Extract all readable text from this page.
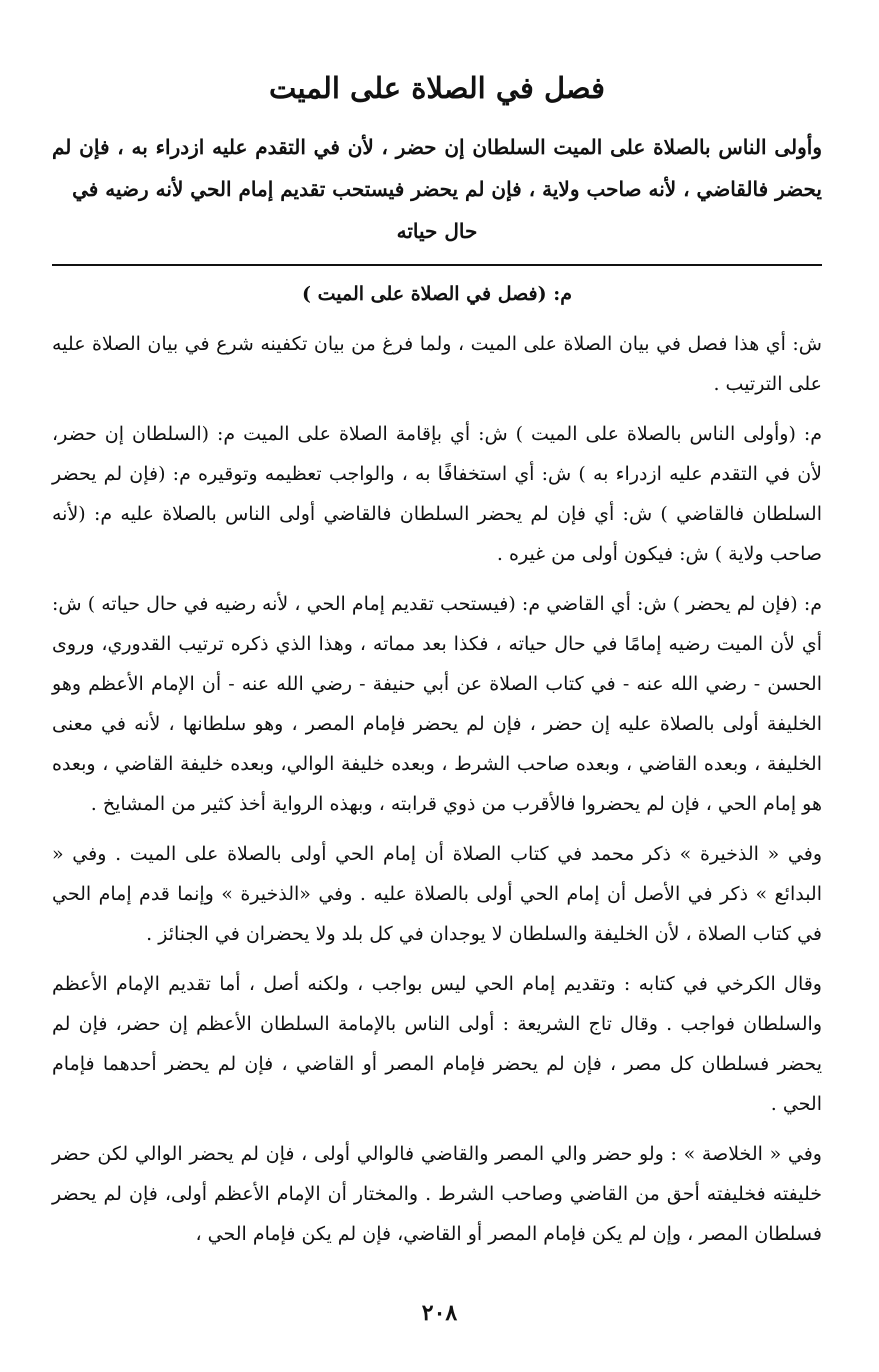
فصل في الصلاة على الميت

وأولى الناس بالصلاة على الميت السلطان إن حضر ، لأن في التقدم عليه ازدراء به ، فإن لم يحضر فالقاضي ، لأنه صاحب ولاية ، فإن لم يحضر فيستحب تقديم إمام الحي لأنه رضيه في

حال حياته

م: (فصل في الصلاة على الميت )

ش: أي هذا فصل في بيان الصلاة على الميت ، ولما فرغ من بيان تكفينه شرع في بيان الصلاة عليه على الترتيب .

م: (وأولى الناس بالصلاة على الميت ) ش: أي بإقامة الصلاة على الميت م: (السلطان إن حضر، لأن في التقدم عليه ازدراء به ) ش: أي استخفافًا به ، والواجب تعظيمه وتوقيره م: (فإن لم يحضر السلطان فالقاضي ) ش: أي فإن لم يحضر السلطان فالقاضي أولى الناس بالصلاة عليه م: (لأنه صاحب ولاية ) ش: فيكون أولى من غيره .

م: (فإن لم يحضر ) ش: أي القاضي م: (فيستحب تقديم إمام الحي ، لأنه رضيه في حال حياته ) ش: أي لأن الميت رضيه إمامًا في حال حياته ، فكذا بعد مماته ، وهذا الذي ذكره ترتيب القدوري، وروى الحسن - رضي الله عنه - في كتاب الصلاة عن أبي حنيفة - رضي الله عنه - أن الإمام الأعظم وهو الخليفة أولى بالصلاة عليه إن حضر ، فإن لم يحضر فإمام المصر ، وهو سلطانها ، لأنه في معنى الخليفة ، وبعده القاضي ، وبعده صاحب الشرط ، وبعده خليفة الوالي، وبعده خليفة القاضي ، وبعده هو إمام الحي ، فإن لم يحضروا فالأقرب من ذوي قرابته ، وبهذه الرواية أخذ كثير من المشايخ .

وفي « الذخيرة » ذكر محمد في كتاب الصلاة أن إمام الحي أولى بالصلاة على الميت . وفي « البدائع » ذكر في الأصل أن إمام الحي أولى بالصلاة عليه . وفي «الذخيرة » وإنما قدم إمام الحي في كتاب الصلاة ، لأن الخليفة والسلطان لا يوجدان في كل بلد ولا يحضران في الجنائز .

وقال الكرخي في كتابه : وتقديم إمام الحي ليس بواجب ، ولكنه أصل ، أما تقديم الإمام الأعظم والسلطان فواجب . وقال تاج الشريعة : أولى الناس بالإمامة السلطان الأعظم إن حضر، فإن لم يحضر فسلطان كل مصر ، فإن لم يحضر فإمام المصر أو القاضي ، فإن لم يحضر أحدهما فإمام الحي .

وفي « الخلاصة » : ولو حضر والي المصر والقاضي فالوالي أولى ، فإن لم يحضر الوالي لكن حضر خليفته فخليفته أحق من القاضي وصاحب الشرط . والمختار أن الإمام الأعظم أولى، فإن لم يحضر فسلطان المصر ، وإن لم يكن فإمام المصر أو القاضي، فإن لم يكن فإمام الحي ،

٢٠٨
